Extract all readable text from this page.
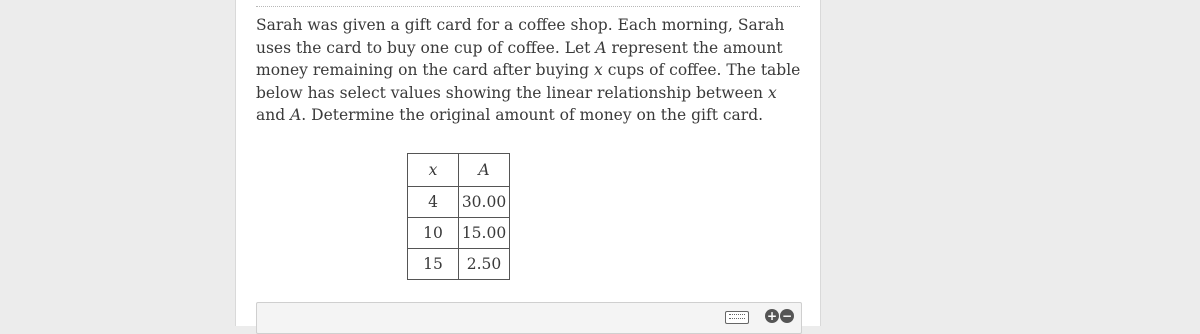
Sarah was given a gift card for a coffee shop. Each morning, Sarah uses the card to buy one cup of coffee. Let A represent the amount money remaining on the card after buying x cups of coffee. The table below has select values showing the linear relationship between x and A. Determine the original amount of money on the gift card.
x	A
4	30.00
10	15.00
15	2.50
+ −
